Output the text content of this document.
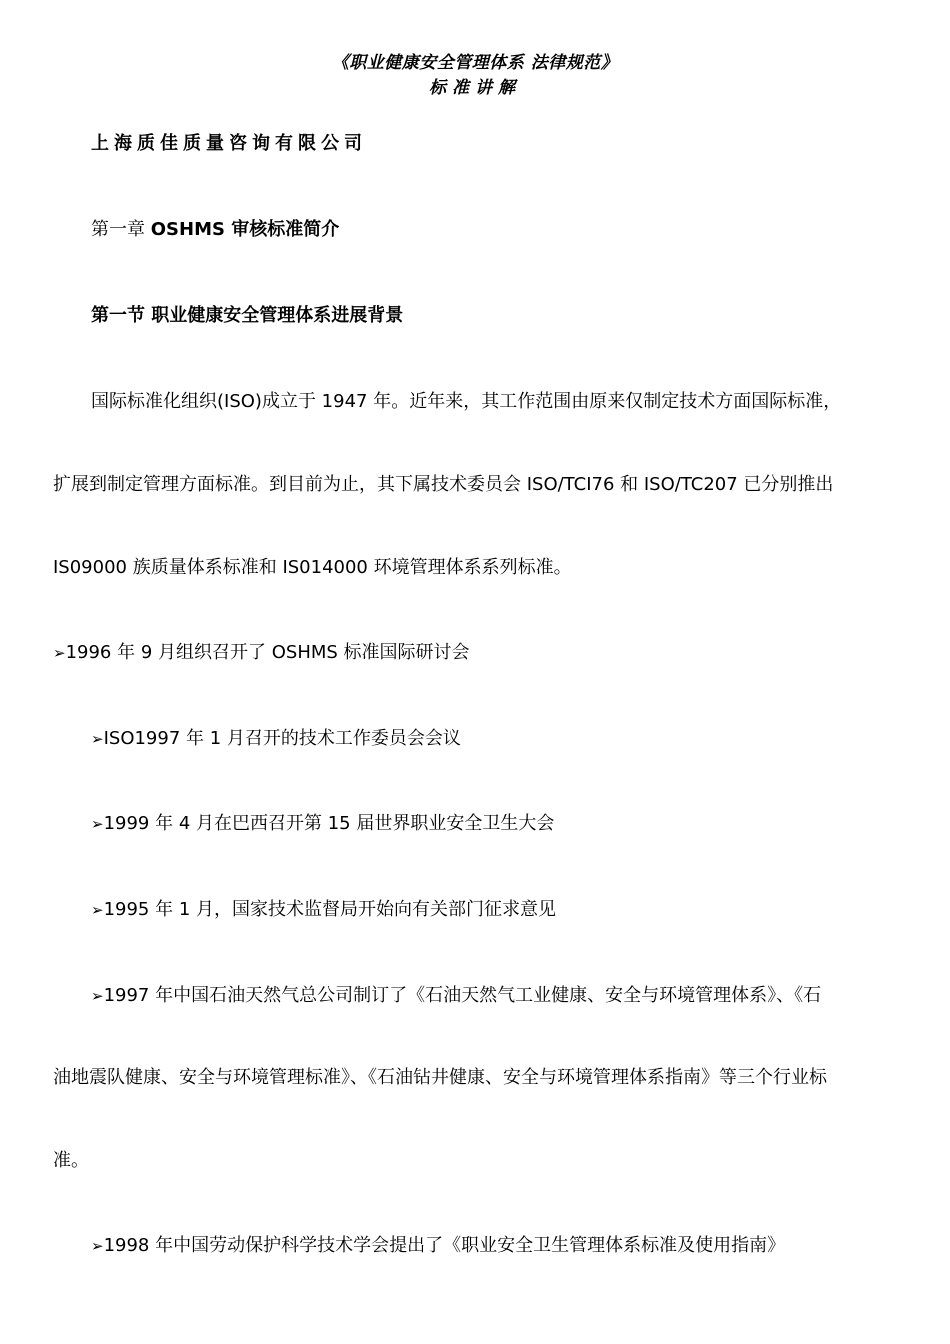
《职业健康安全管理体系 法律规范》
标准讲解
上海质佳质量咨询有限公司
第一章 OSHMS 审核标准简介
第一节 职业健康安全管理体系进展背景
国际标准化组织(ISO)成立于 1947 年。近年来，其工作范围由原来仅制定技术方面国际标准，
扩展到制定管理方面标准。到目前为止，其下属技术委员会 ISO/TCI76 和 ISO/TC207 已分别推出
IS09000 族质量体系标准和 IS014000 环境管理体系系列标准。
➢1996 年 9 月组织召开了 OSHMS 标准国际研讨会
➢ISO1997 年 1 月召开的技术工作委员会会议
➢1999 年 4 月在巴西召开第 15 届世界职业安全卫生大会
➢1995 年 1 月，国家技术监督局开始向有关部门征求意见
➢1997 年中国石油天然气总公司制订了《石油天然气工业健康、安全与环境管理体系》、《石
油地震队健康、安全与环境管理标准》、《石油钻井健康、安全与环境管理体系指南》等三个行业标
准。
➢1998 年中国劳动保护科学技术学会提出了《职业安全卫生管理体系标准及使用指南》
